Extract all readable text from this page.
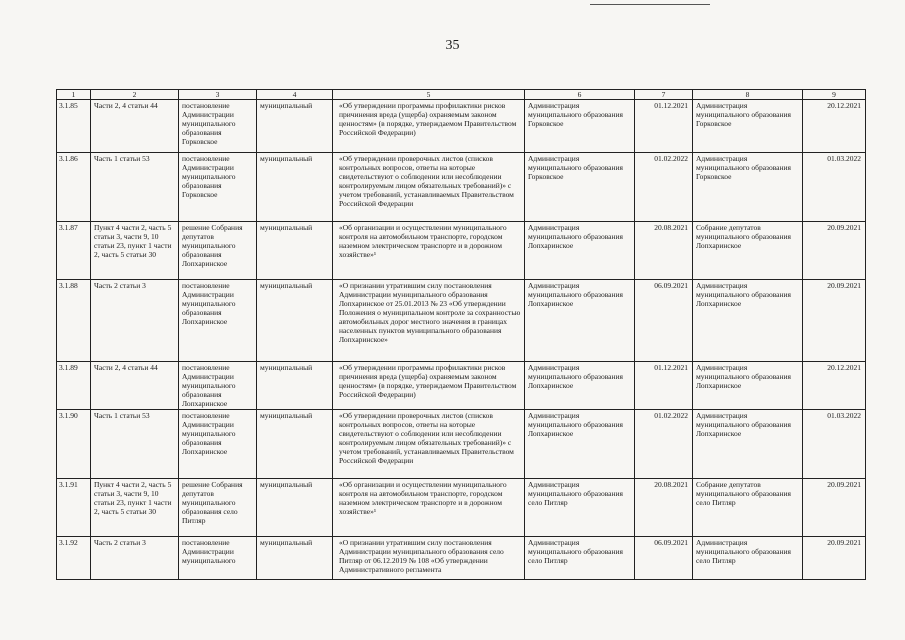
35
1	2	3	4	5	6	7	8	9
3.1.85	Части 2, 4 статьи 44	постановление Администрации муниципального образования Горковское	муниципальный	«Об утверждении программы профилактики рисков причинения вреда (ущерба) охраняемым законом ценностям» (в порядке, утверждаемом Правительством Российской Федерации)	Администрация муниципального образования Горковское	01.12.2021	Администрация муниципального образования Горковское	20.12.2021
3.1.86	Часть 1 статьи 53	постановление Администрации муниципального образования Горковское	муниципальный	«Об утверждении проверочных листов (списков контрольных вопросов, ответы на которые свидетельствуют о соблюдении или несоблюдении контролируемым лицом обязательных требований)» с учетом требований, устанавливаемых Правительством Российской Федерации	Администрация муниципального образования Горковское	01.02.2022	Администрация муниципального образования Горковское	01.03.2022
3.1.87	Пункт 4 части 2, часть 5 статьи 3, части 9, 10 статьи 23, пункт 1 части 2, часть 5 статьи 30	решение Собрания депутатов муниципального образования Лопхаринское	муниципальный	«Об организации и осуществлении муниципального контроля на автомобильном транспорте, городском наземном электрическом транспорте и в дорожном хозяйстве»¹	Администрация муниципального образования Лопхаринское	20.08.2021	Собрание депутатов муниципального образования Лопхаринское	20.09.2021
3.1.88	Часть 2 статьи 3	постановление Администрации муниципального образования Лопхаринское	муниципальный	«О признании утратившим силу постановления Администрации муниципального образования Лопхаринское от 25.01.2013 № 23 «Об утверждении Положения о муниципальном контроле за сохранностью автомобильных дорог местного значения в границах населенных пунктов муниципального образования Лопхаринское»	Администрация муниципального образования Лопхаринское	06.09.2021	Администрация муниципального образования Лопхаринское	20.09.2021
3.1.89	Части 2, 4 статьи 44	постановление Администрации муниципального образования Лопхаринское	муниципальный	«Об утверждении программы профилактики рисков причинения вреда (ущерба) охраняемым законом ценностям» (в порядке, утверждаемом Правительством Российской Федерации)	Администрация муниципального образования Лопхаринское	01.12.2021	Администрация муниципального образования Лопхаринское	20.12.2021
3.1.90	Часть 1 статьи 53	постановление Администрации муниципального образования Лопхаринское	муниципальный	«Об утверждении проверочных листов (списков контрольных вопросов, ответы на которые свидетельствуют о соблюдении или несоблюдении контролируемым лицом обязательных требований)» с учетом требований, устанавливаемых Правительством Российской Федерации	Администрация муниципального образования Лопхаринское	01.02.2022	Администрация муниципального образования Лопхаринское	01.03.2022
3.1.91	Пункт 4 части 2, часть 5 статьи 3, части 9, 10 статьи 23, пункт 1 части 2, часть 5 статьи 30	решение Собрания депутатов муниципального образования село Питляр	муниципальный	«Об организации и осуществлении муниципального контроля на автомобильном транспорте, городском наземном электрическом транспорте и в дорожном хозяйстве»¹	Администрация муниципального образования село Питляр	20.08.2021	Собрание депутатов муниципального образования село Питляр	20.09.2021
3.1.92	Часть 2 статьи 3	постановление Администрации муниципального	муниципальный	«О признании утратившим силу постановления Администрации муниципального образования село Питляр от 06.12.2019 № 108 «Об утверждении Административного регламента	Администрация муниципального образования село Питляр	06.09.2021	Администрация муниципального образования село Питляр	20.09.2021
